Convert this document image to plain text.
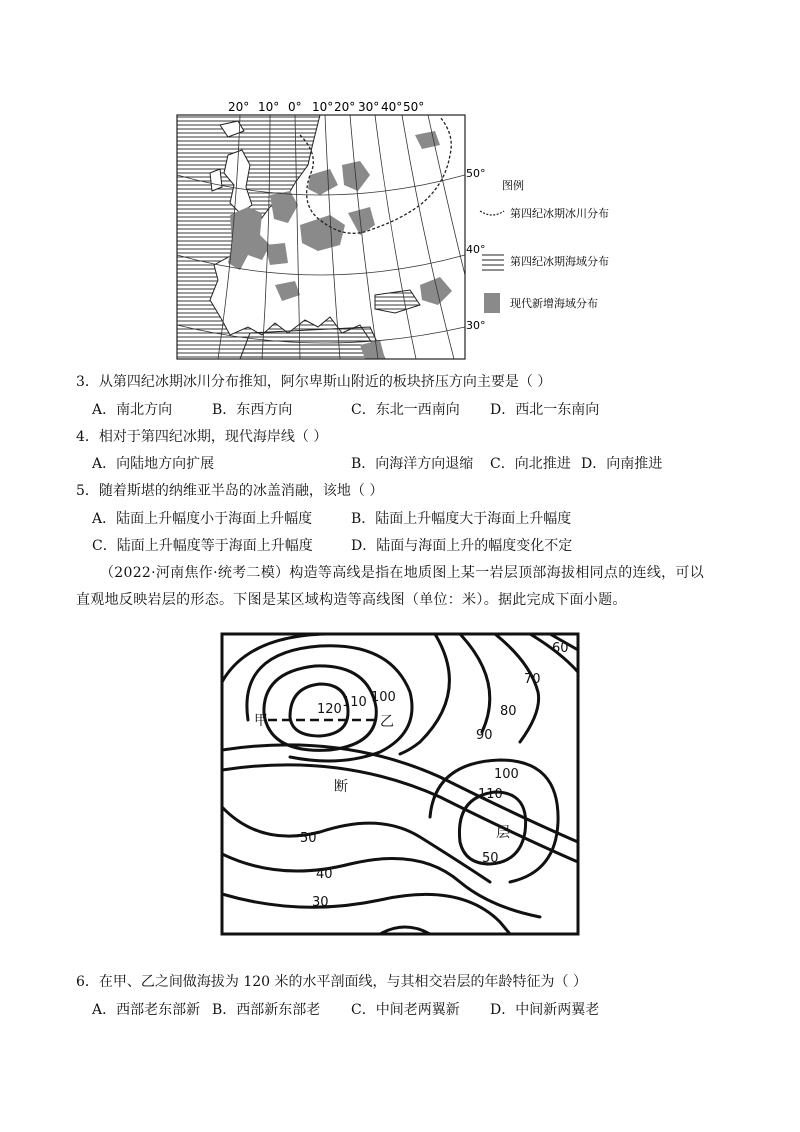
20° 10° 0° 10° 20° 30° 40° 50°
50°
40°
30°
图例
第四纪冰期冰川分布
第四纪冰期海域分布
现代新增海域分布
3．从第四纪冰期冰川分布推知，阿尔卑斯山附近的板块挤压方向主要是（ ）
A．南北方向	B．东西方向	C．东北一西南向 D．西北一东南向
4．相对于第四纪冰期，现代海岸线（ ）
A．向陆地方向扩展	B．向海洋方向退缩 C．向北推进 D．向南推进
5．随着斯堪的纳维亚半岛的冰盖消融，该地（ ）
A．陆面上升幅度小于海面上升幅度	B．陆面上升幅度大于海面上升幅度
C．陆面上升幅度等于海面上升幅度	D．陆面与海面上升的幅度变化不定
（2022·河南焦作·统考二模）构造等高线是指在地质图上某一岩层顶部海拔相同点的连线，可以
直观地反映岩层的形态。下图是某区域构造等高线图（单位：米）。据此完成下面小题。
60
70
80
90
100
110
120
100
110
50
50
40
30
甲	乙
断
层
6．在甲、乙之间做海拔为 120 米的水平剖面线，与其相交岩层的年龄特征为（ ）
A．西部老东部新 B．西部新东部老 C．中间老两翼新 D．中间新两翼老
